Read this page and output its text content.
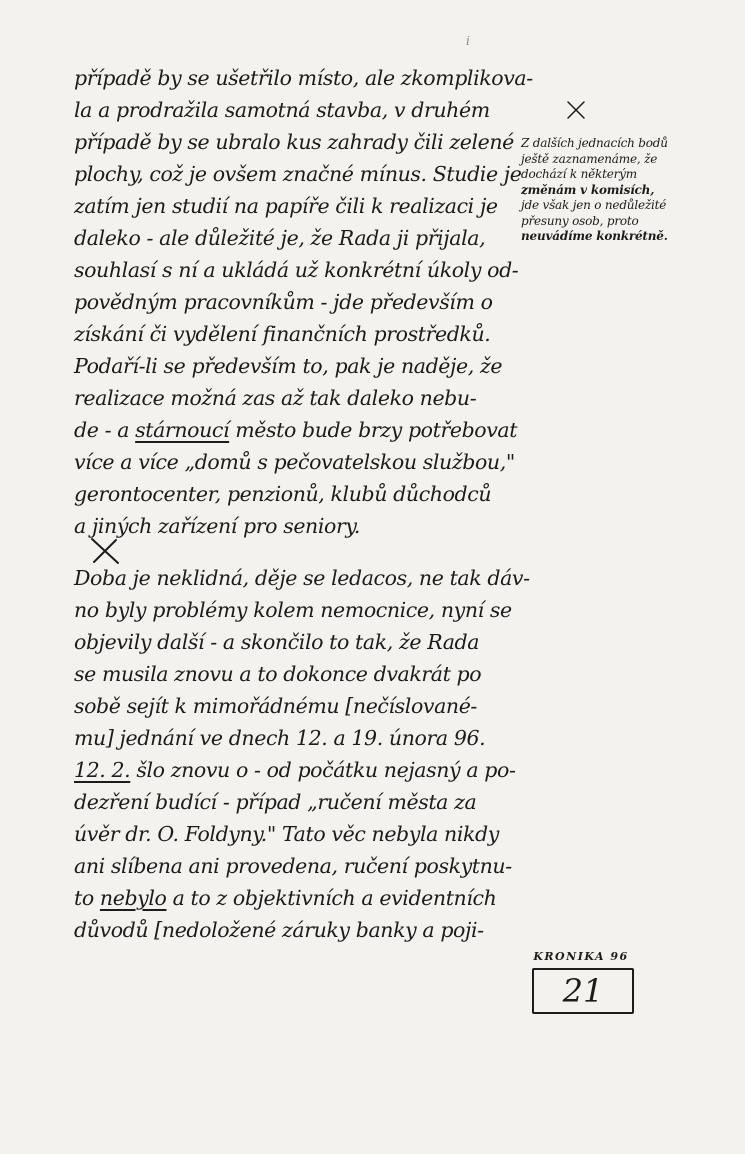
i

případě by se ušetřilo místo, ale zkomplikova-
la a prodražila samotná stavba, v druhém
případě by se ubralo kus zahrady čili zelené
plochy, což je ovšem značné mínus. Studie je
zatím jen studií na papíře čili k realizaci je
daleko - ale důležité je, že Rada ji přijala,
souhlasí s ní a ukládá už konkrétní úkoly od-
povědným pracovníkům - jde především o
získání či vydělení finančních prostředků.
Podaří-li se především to, pak je naděje, že
realizace možná zas až tak daleko nebu-
de - a stárnoucí město bude brzy potřebovat
více a více „domů s pečovatelskou službou,"
gerontocenter, penzionů, klubů důchodců
a jiných zařízení pro seniory.

Doba je neklidná, děje se ledacos, ne tak dáv-
no byly problémy kolem nemocnice, nyní se
objevily další - a skončilo to tak, že Rada
se musila znovu a to dokonce dvakrát po
sobě sejít k mimořádnému [nečíslované-
mu] jednání ve dnech 12. a 19. února 96.
12. 2. šlo znovu o - od počátku nejasný a po-
dezření budící - případ „ručení města za
úvěr dr. O. Foldyny." Tato věc nebyla nikdy
ani slíbena ani provedena, ručení poskytnu-
to nebylo a to z objektivních a evidentních
důvodů [nedoložené záruky banky a poji-

Z dalších jednacích bodů
ještě zaznamenáme, že
dochází k některým
změnám v komisích,
jde však jen o nedůležité
přesuny osob, proto
neuvádíme konkrétně.

KRONIKA 96
21
